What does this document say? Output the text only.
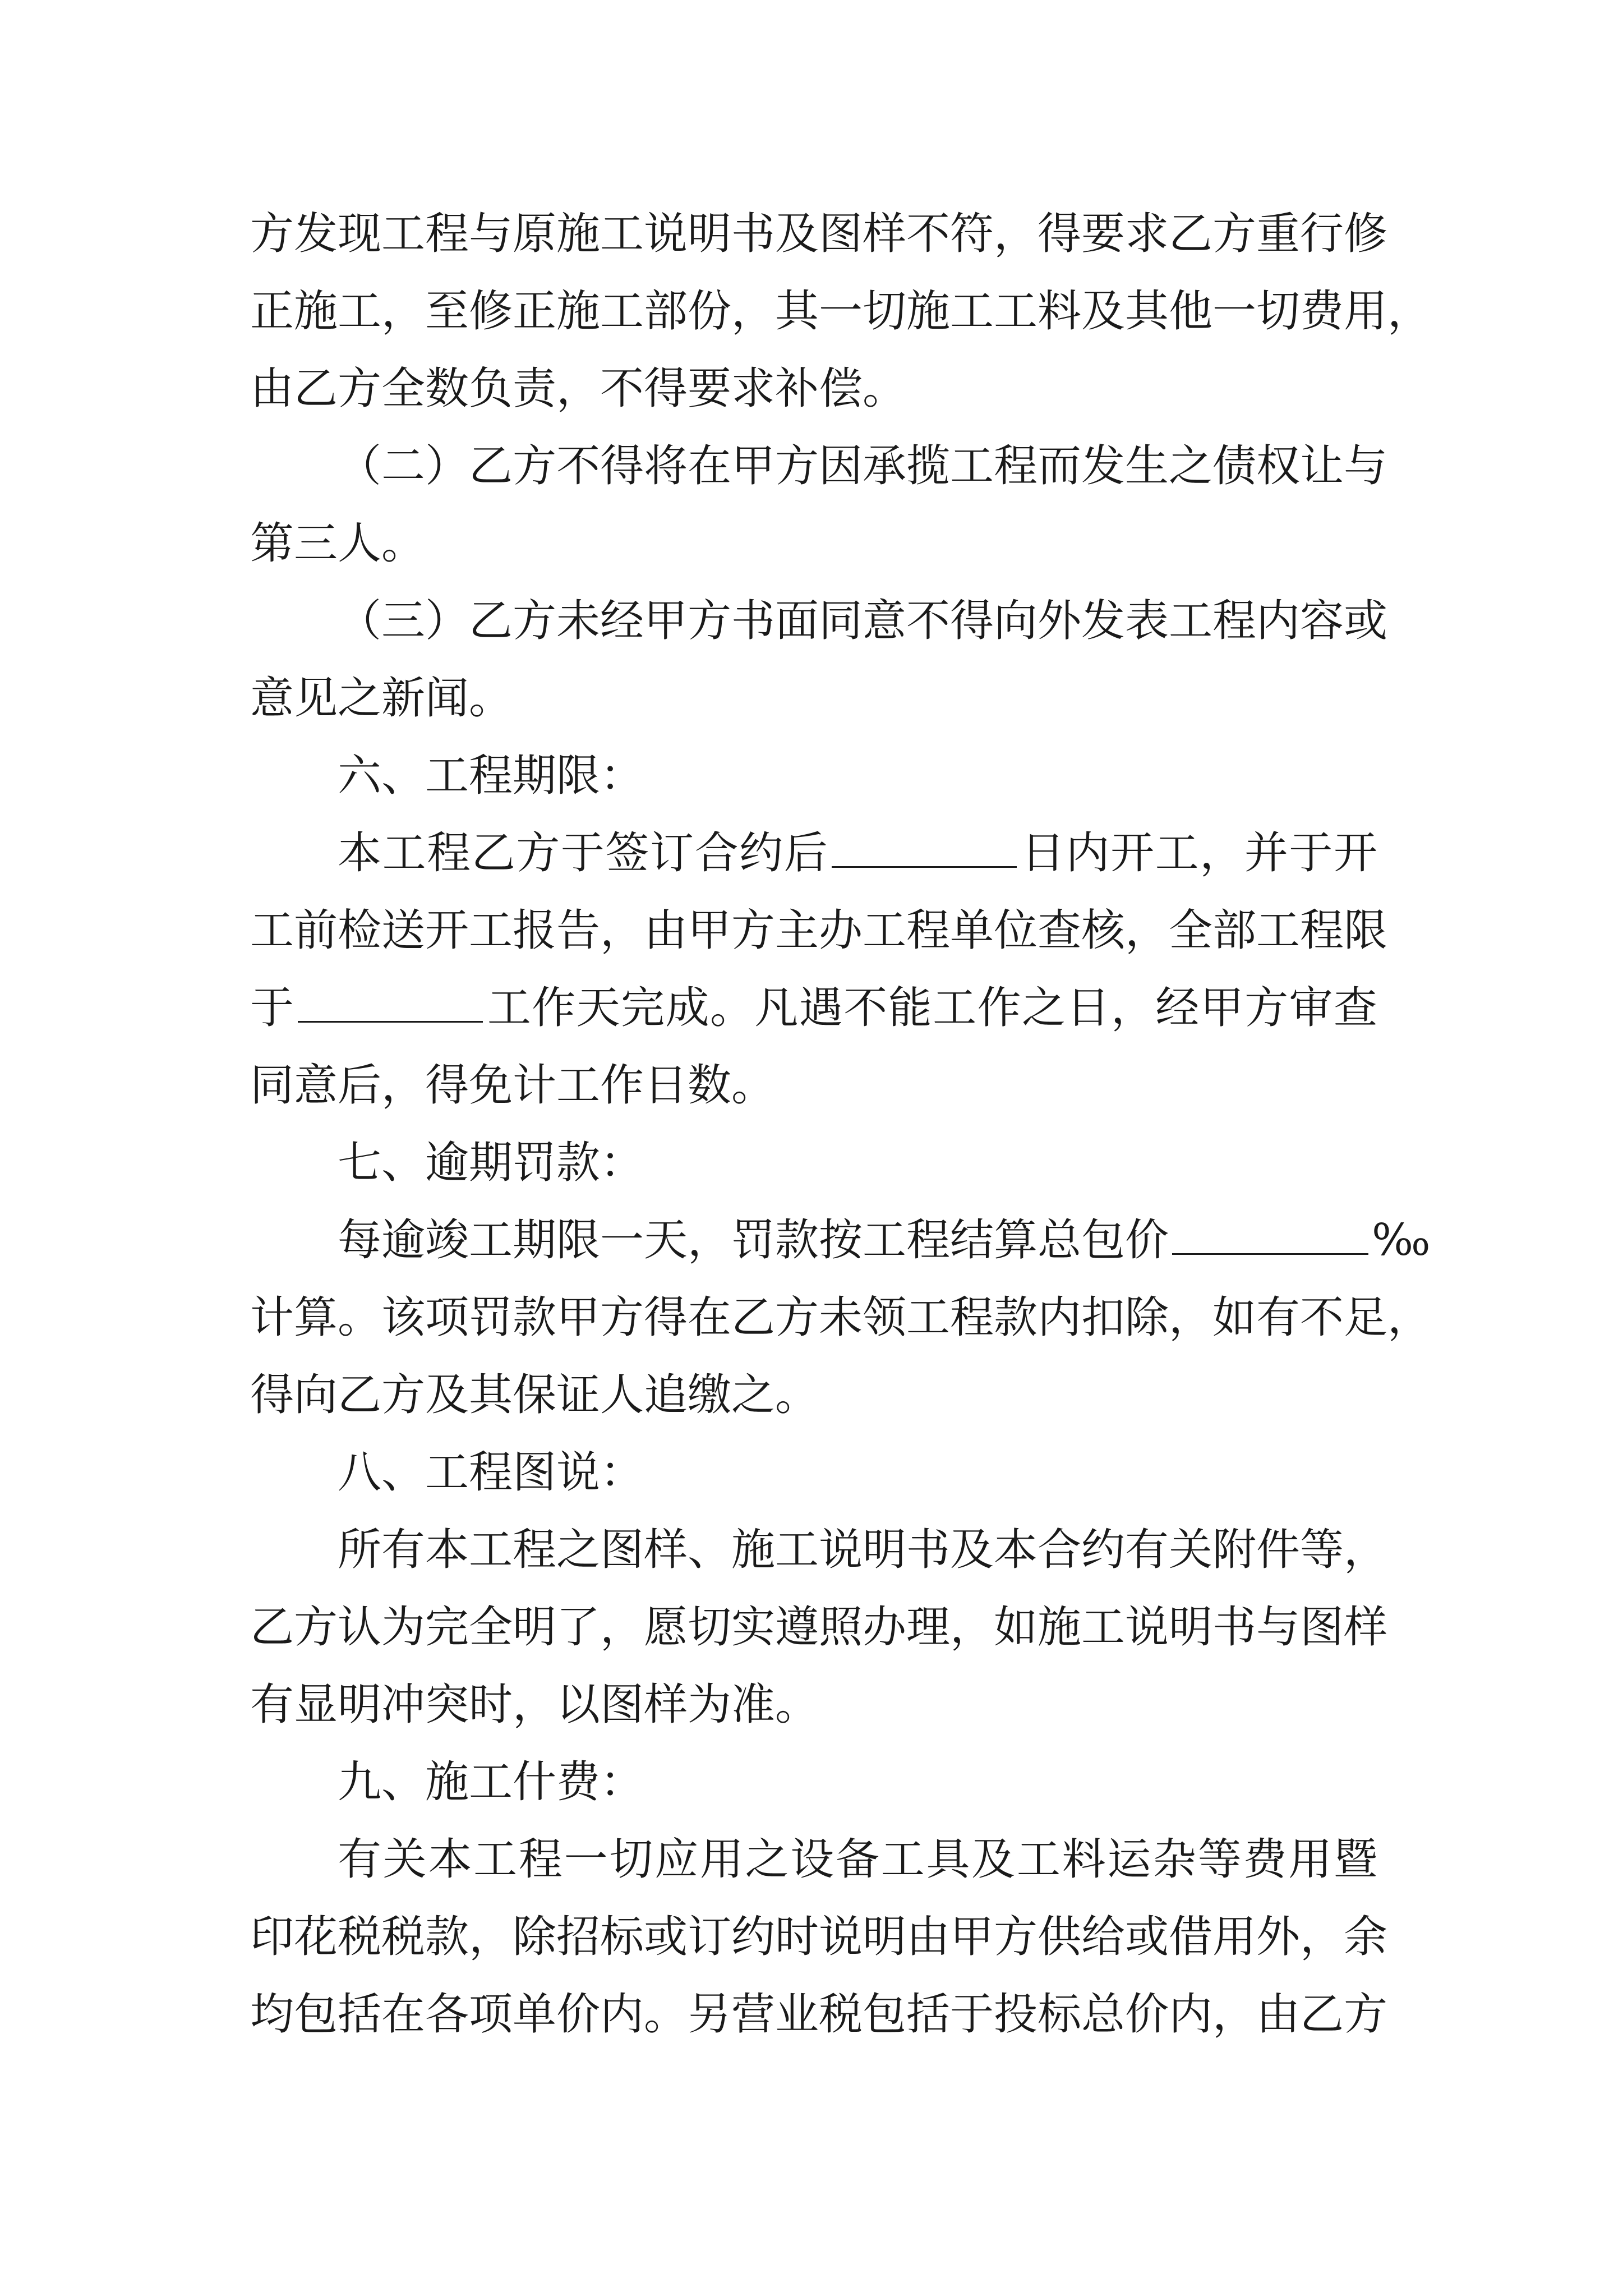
方发现工程与原施工说明书及图样不符，得要求乙方重行修
正施工，至修正施工部份，其一切施工工料及其他一切费用，
由乙方全数负责，不得要求补偿。
（二）乙方不得将在甲方因承揽工程而发生之债权让与
第三人。
（三）乙方未经甲方书面同意不得向外发表工程内容或
意见之新闻。
六、工程期限：
本工程乙方于签订合约后	日内开工，并于开
工前检送开工报告，由甲方主办工程单位查核，全部工程限
于	工作天完成。凡遇不能工作之日，经甲方审查
同意后，得免计工作日数。
七、逾期罚款：
每逾竣工期限一天，罚款按工程结算总包价	‰
计算。该项罚款甲方得在乙方未领工程款内扣除，如有不足，
得向乙方及其保证人追缴之。
八、工程图说：
所有本工程之图样、施工说明书及本合约有关附件等，
乙方认为完全明了，愿切实遵照办理，如施工说明书与图样
有显明冲突时，以图样为准。
九、施工什费：
有关本工程一切应用之设备工具及工料运杂等费用暨
印花税税款，除招标或订约时说明由甲方供给或借用外，余
均包括在各项单价内。另营业税包括于投标总价内，由乙方
